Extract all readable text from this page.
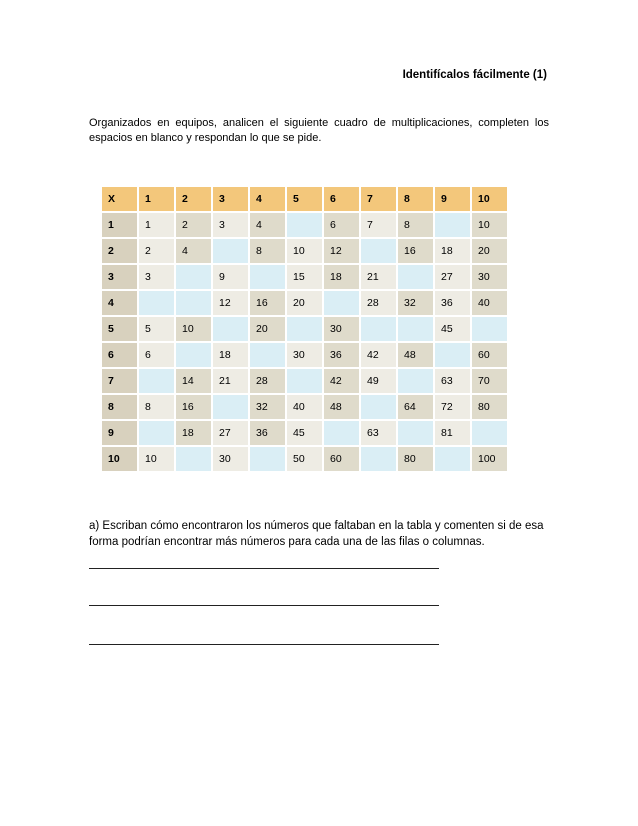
Identifícalos fácilmente (1)
Organizados en equipos, analicen el siguiente cuadro de multiplicaciones, completen los espacios en blanco y respondan lo que se pide.
X	1	2	3	4	5	6	7	8	9	10
1	1	2	3	4		6	7	8		10
2	2	4		8	10	12		16	18	20
3	3		9		15	18	21		27	30
4			12	16	20		28	32	36	40
5	5	10		20		30			45	
6	6		18		30	36	42	48		60
7		14	21	28		42	49		63	70
8	8	16		32	40	48		64	72	80
9		18	27	36	45		63		81	
10	10		30		50	60		80		100
a) Escriban cómo encontraron los números que faltaban en la tabla y comenten si de esa forma podrían encontrar más números para cada una de las filas o columnas.
